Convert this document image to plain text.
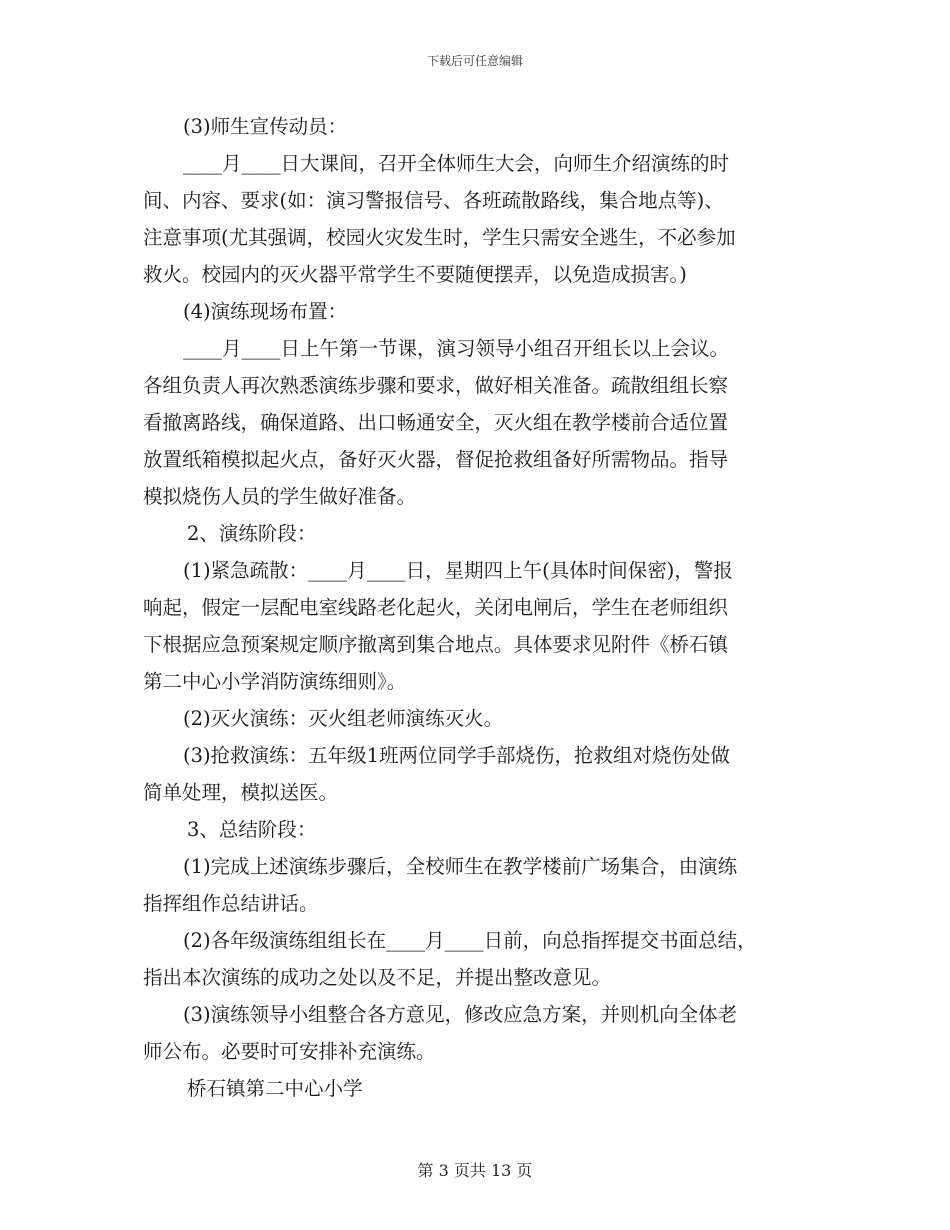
下载后可任意编辑
(3)师生宣传动员：
____月____日大课间，召开全体师生大会，向师生介绍演练的时
间、内容、要求(如：演习警报信号、各班疏散路线，集合地点等)、
注意事项(尤其强调，校园火灾发生时，学生只需安全逃生，不必参加
救火。校园内的灭火器平常学生不要随便摆弄，以免造成损害。)
(4)演练现场布置：
____月____日上午第一节课，演习领导小组召开组长以上会议。
各组负责人再次熟悉演练步骤和要求，做好相关准备。疏散组组长察
看撤离路线，确保道路、出口畅通安全，灭火组在教学楼前合适位置
放置纸箱模拟起火点，备好灭火器，督促抢救组备好所需物品。指导
模拟烧伤人员的学生做好准备。
2、演练阶段：
(1)紧急疏散：____月____日，星期四上午(具体时间保密)，警报
响起，假定一层配电室线路老化起火，关闭电闸后，学生在老师组织
下根据应急预案规定顺序撤离到集合地点。具体要求见附件《桥石镇
第二中心小学消防演练细则》。
(2)灭火演练：灭火组老师演练灭火。
(3)抢救演练：五年级1班两位同学手部烧伤，抢救组对烧伤处做
简单处理，模拟送医。
3、总结阶段：
(1)完成上述演练步骤后，全校师生在教学楼前广场集合，由演练
指挥组作总结讲话。
(2)各年级演练组组长在____月____日前，向总指挥提交书面总结，
指出本次演练的成功之处以及不足，并提出整改意见。
(3)演练领导小组整合各方意见，修改应急方案，并则机向全体老
师公布。必要时可安排补充演练。
桥石镇第二中心小学
第 3 页共 13 页
